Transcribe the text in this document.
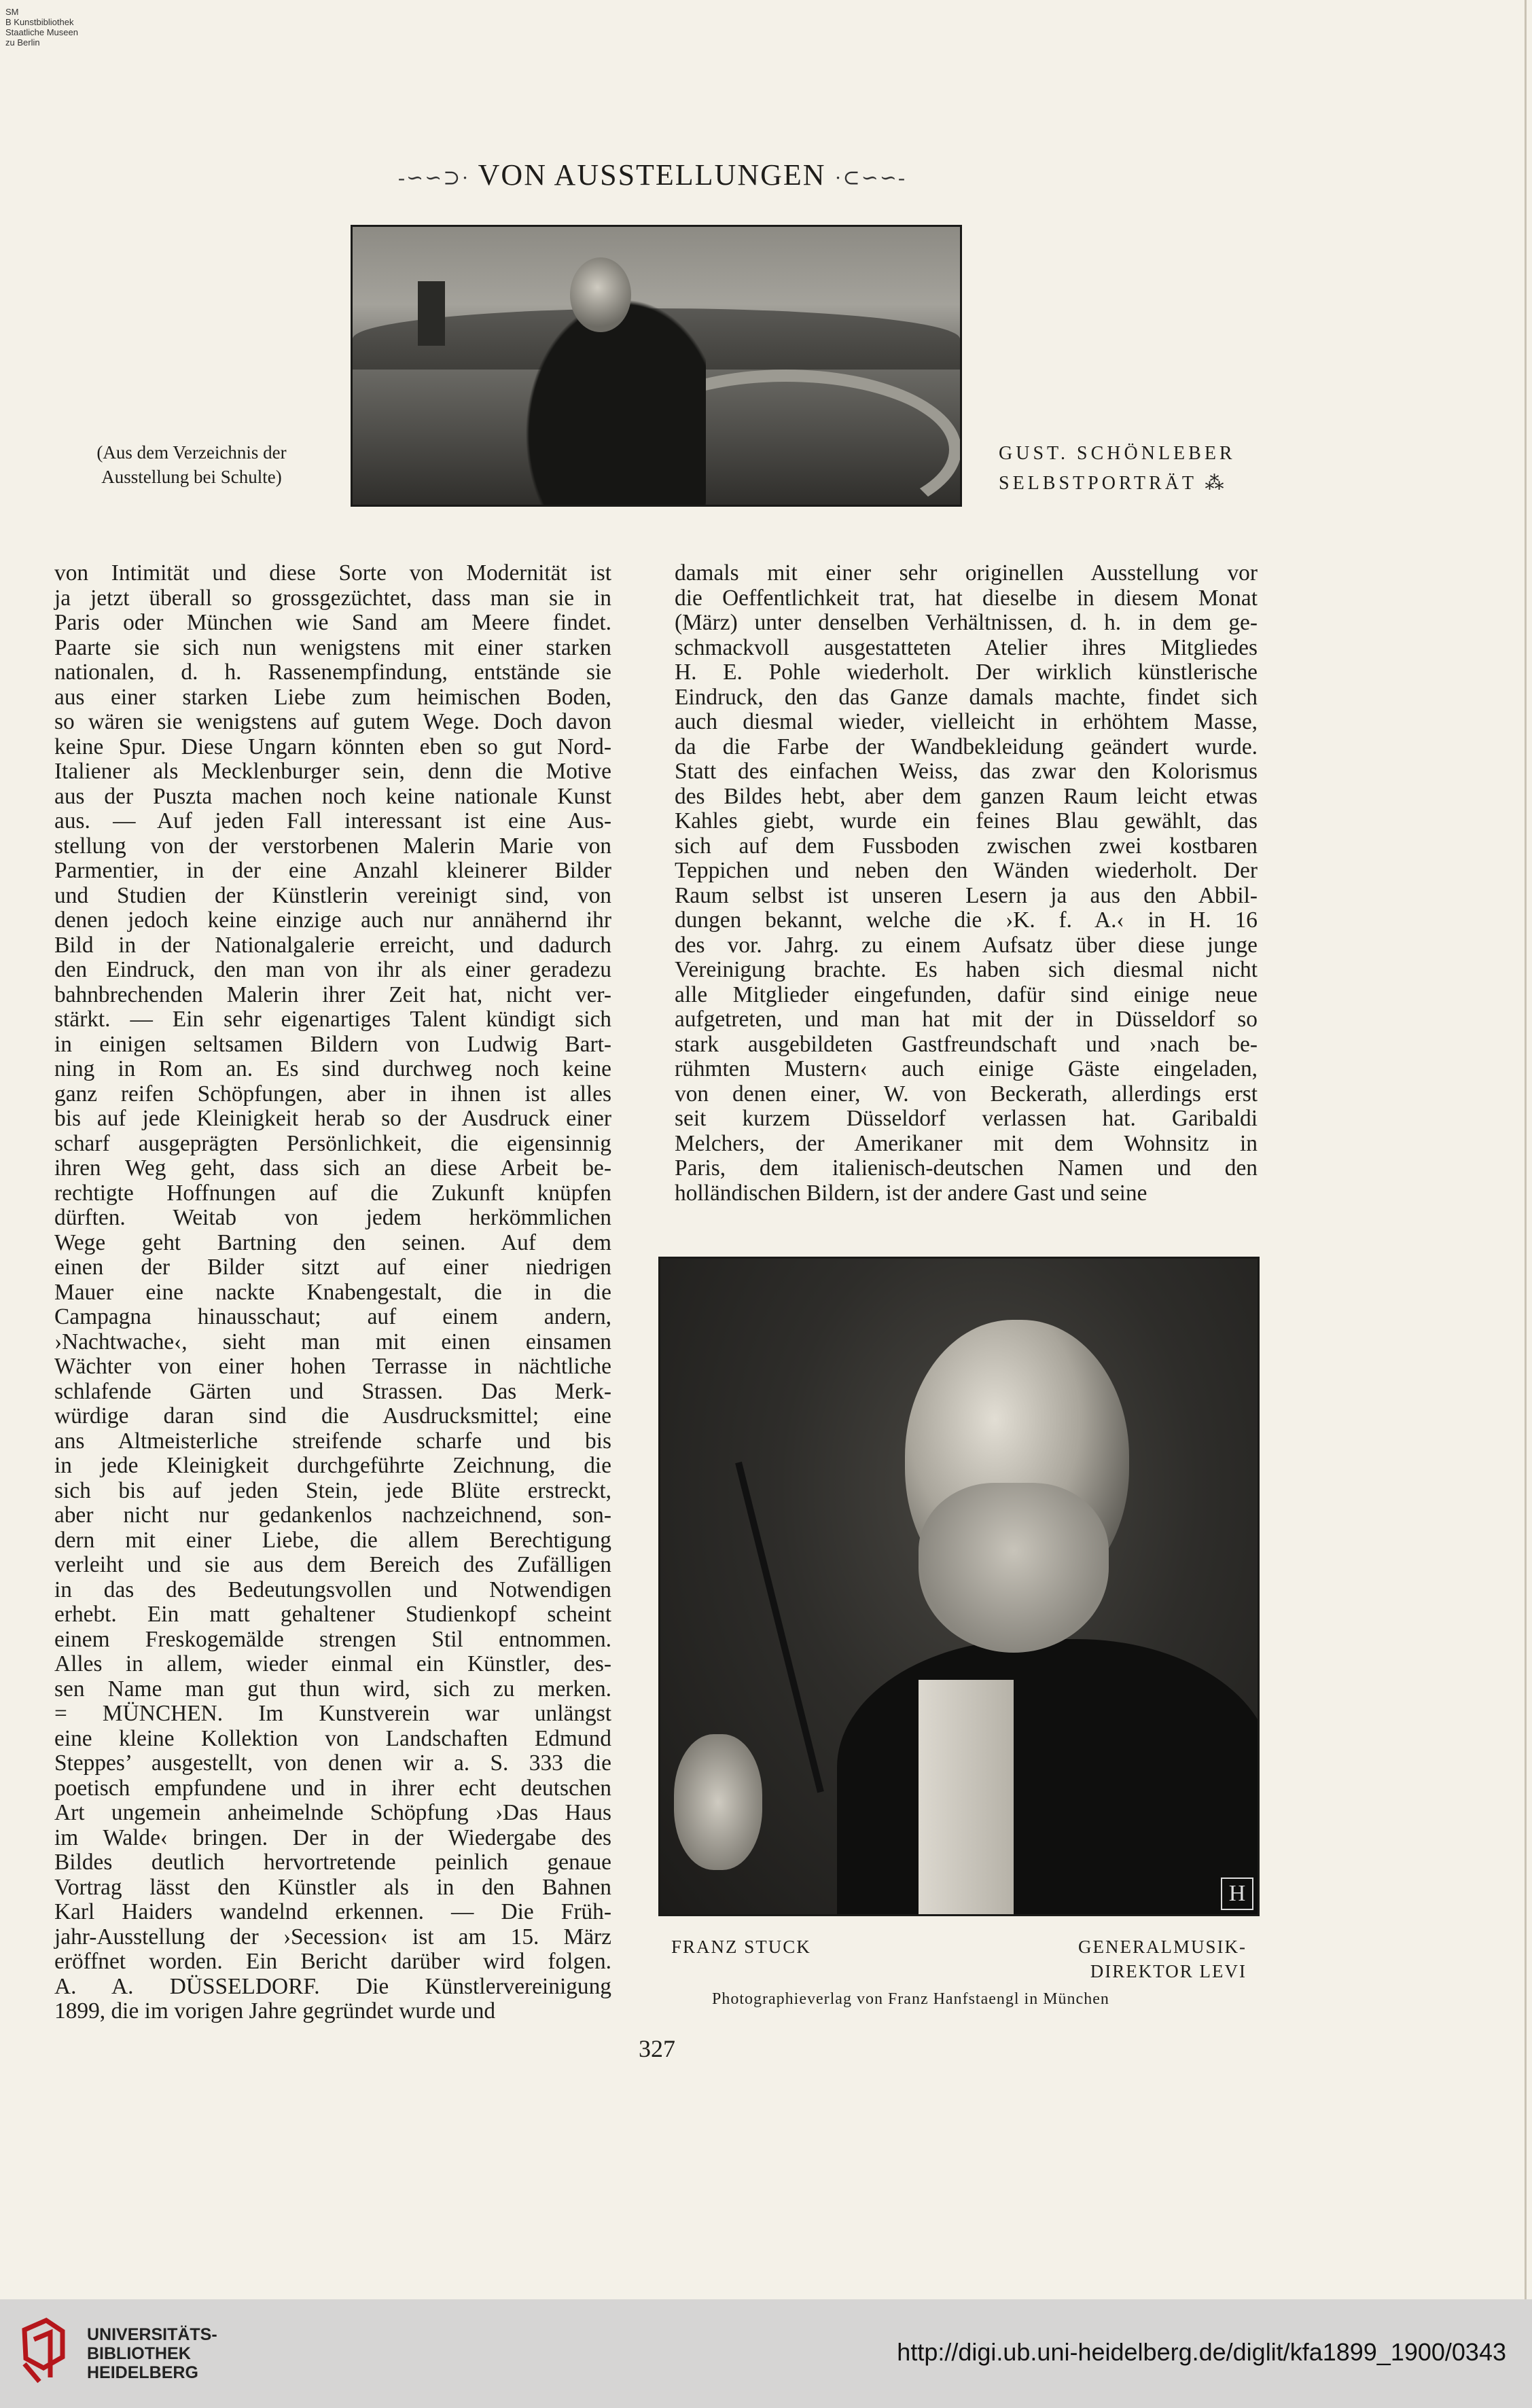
SM
B Kunstbibliothek
Staatliche Museen
zu Berlin
-∽∽⊃· VON AUSSTELLUNGEN ·⊂∽∽-
(Aus dem Verzeichnis der
Ausstellung bei Schulte)
GUST. SCHÖNLEBER
SELBSTPORTRÄT ⁂
von Intimität und diese Sorte von Modernität ist
ja jetzt überall so grossgezüchtet, dass man sie in
Paris oder München wie Sand am Meere findet.
Paarte sie sich nun wenigstens mit einer starken
nationalen, d. h. Rassenempfindung, entstände sie
aus einer starken Liebe zum heimischen Boden,
so wären sie wenigstens auf gutem Wege. Doch davon
keine Spur. Diese Ungarn könnten eben so gut Nord-
Italiener als Mecklenburger sein, denn die Motive
aus der Puszta machen noch keine nationale Kunst
aus. — Auf jeden Fall interessant ist eine Aus-
stellung von der verstorbenen Malerin Marie von
Parmentier, in der eine Anzahl kleinerer Bilder
und Studien der Künstlerin vereinigt sind, von
denen jedoch keine einzige auch nur annähernd ihr
Bild in der Nationalgalerie erreicht, und dadurch
den Eindruck, den man von ihr als einer geradezu
bahnbrechenden Malerin ihrer Zeit hat, nicht ver-
stärkt. — Ein sehr eigenartiges Talent kündigt sich
in einigen seltsamen Bildern von Ludwig Bart-
ning in Rom an. Es sind durchweg noch keine
ganz reifen Schöpfungen, aber in ihnen ist alles
bis auf jede Kleinigkeit herab so der Ausdruck einer
scharf ausgeprägten Persönlichkeit, die eigensinnig
ihren Weg geht, dass sich an diese Arbeit be-
rechtigte Hoffnungen auf die Zukunft knüpfen
dürften. Weitab von jedem herkömmlichen
Wege geht Bartning den seinen. Auf dem
einen der Bilder sitzt auf einer niedrigen
Mauer eine nackte Knabengestalt, die in die
Campagna hinausschaut; auf einem andern,
›Nachtwache‹, sieht man mit einen einsamen
Wächter von einer hohen Terrasse in nächtliche
schlafende Gärten und Strassen. Das Merk-
würdige daran sind die Ausdrucksmittel; eine
ans Altmeisterliche streifende scharfe und bis
in jede Kleinigkeit durchgeführte Zeichnung, die
sich bis auf jeden Stein, jede Blüte erstreckt,
aber nicht nur gedankenlos nachzeichnend, son-
dern mit einer Liebe, die allem Berechtigung
verleiht und sie aus dem Bereich des Zufälligen
in das des Bedeutungsvollen und Notwendigen
erhebt. Ein matt gehaltener Studienkopf scheint
einem Freskogemälde strengen Stil entnommen.
Alles in allem, wieder einmal ein Künstler, des-
sen Name man gut thun wird, sich zu merken.
= MÜNCHEN. Im Kunstverein war unlängst
eine kleine Kollektion von Landschaften Edmund
Steppes’ ausgestellt, von denen wir a. S. 333 die
poetisch empfundene und in ihrer echt deutschen
Art ungemein anheimelnde Schöpfung ›Das Haus
im Walde‹ bringen. Der in der Wiedergabe des
Bildes deutlich hervortretende peinlich genaue
Vortrag lässt den Künstler als in den Bahnen
Karl Haiders wandelnd erkennen. — Die Früh-
jahr-Ausstellung der ›Secession‹ ist am 15. März
eröffnet worden. Ein Bericht darüber wird folgen.
A. A. DÜSSELDORF. Die Künstlervereinigung
1899, die im vorigen Jahre gegründet wurde und
damals mit einer sehr originellen Ausstellung vor
die Oeffentlichkeit trat, hat dieselbe in diesem Monat
(März) unter denselben Verhältnissen, d. h. in dem ge-
schmackvoll ausgestatteten Atelier ihres Mitgliedes
H. E. Pohle wiederholt. Der wirklich künstlerische
Eindruck, den das Ganze damals machte, findet sich
auch diesmal wieder, vielleicht in erhöhtem Masse,
da die Farbe der Wandbekleidung geändert wurde.
Statt des einfachen Weiss, das zwar den Kolorismus
des Bildes hebt, aber dem ganzen Raum leicht etwas
Kahles giebt, wurde ein feines Blau gewählt, das
sich auf dem Fussboden zwischen zwei kostbaren
Teppichen und neben den Wänden wiederholt. Der
Raum selbst ist unseren Lesern ja aus den Abbil-
dungen bekannt, welche die ›K. f. A.‹ in H. 16
des vor. Jahrg. zu einem Aufsatz über diese junge
Vereinigung brachte. Es haben sich diesmal nicht
alle Mitglieder eingefunden, dafür sind einige neue
aufgetreten, und man hat mit der in Düsseldorf so
stark ausgebildeten Gastfreundschaft und ›nach be-
rühmten Mustern‹ auch einige Gäste eingeladen,
von denen einer, W. von Beckerath, allerdings erst
seit kurzem Düsseldorf verlassen hat. Garibaldi
Melchers, der Amerikaner mit dem Wohnsitz in
Paris, dem italienisch-deutschen Namen und den
holländischen Bildern, ist der andere Gast und seine
H
FRANZ STUCK	GENERALMUSIK-
DIREKTOR LEVI
Photographieverlag von Franz Hanfstaengl in München
327
UNIVERSITÄTS-
BIBLIOTHEK
HEIDELBERG
http://digi.ub.uni-heidelberg.de/diglit/kfa1899_1900/0343
